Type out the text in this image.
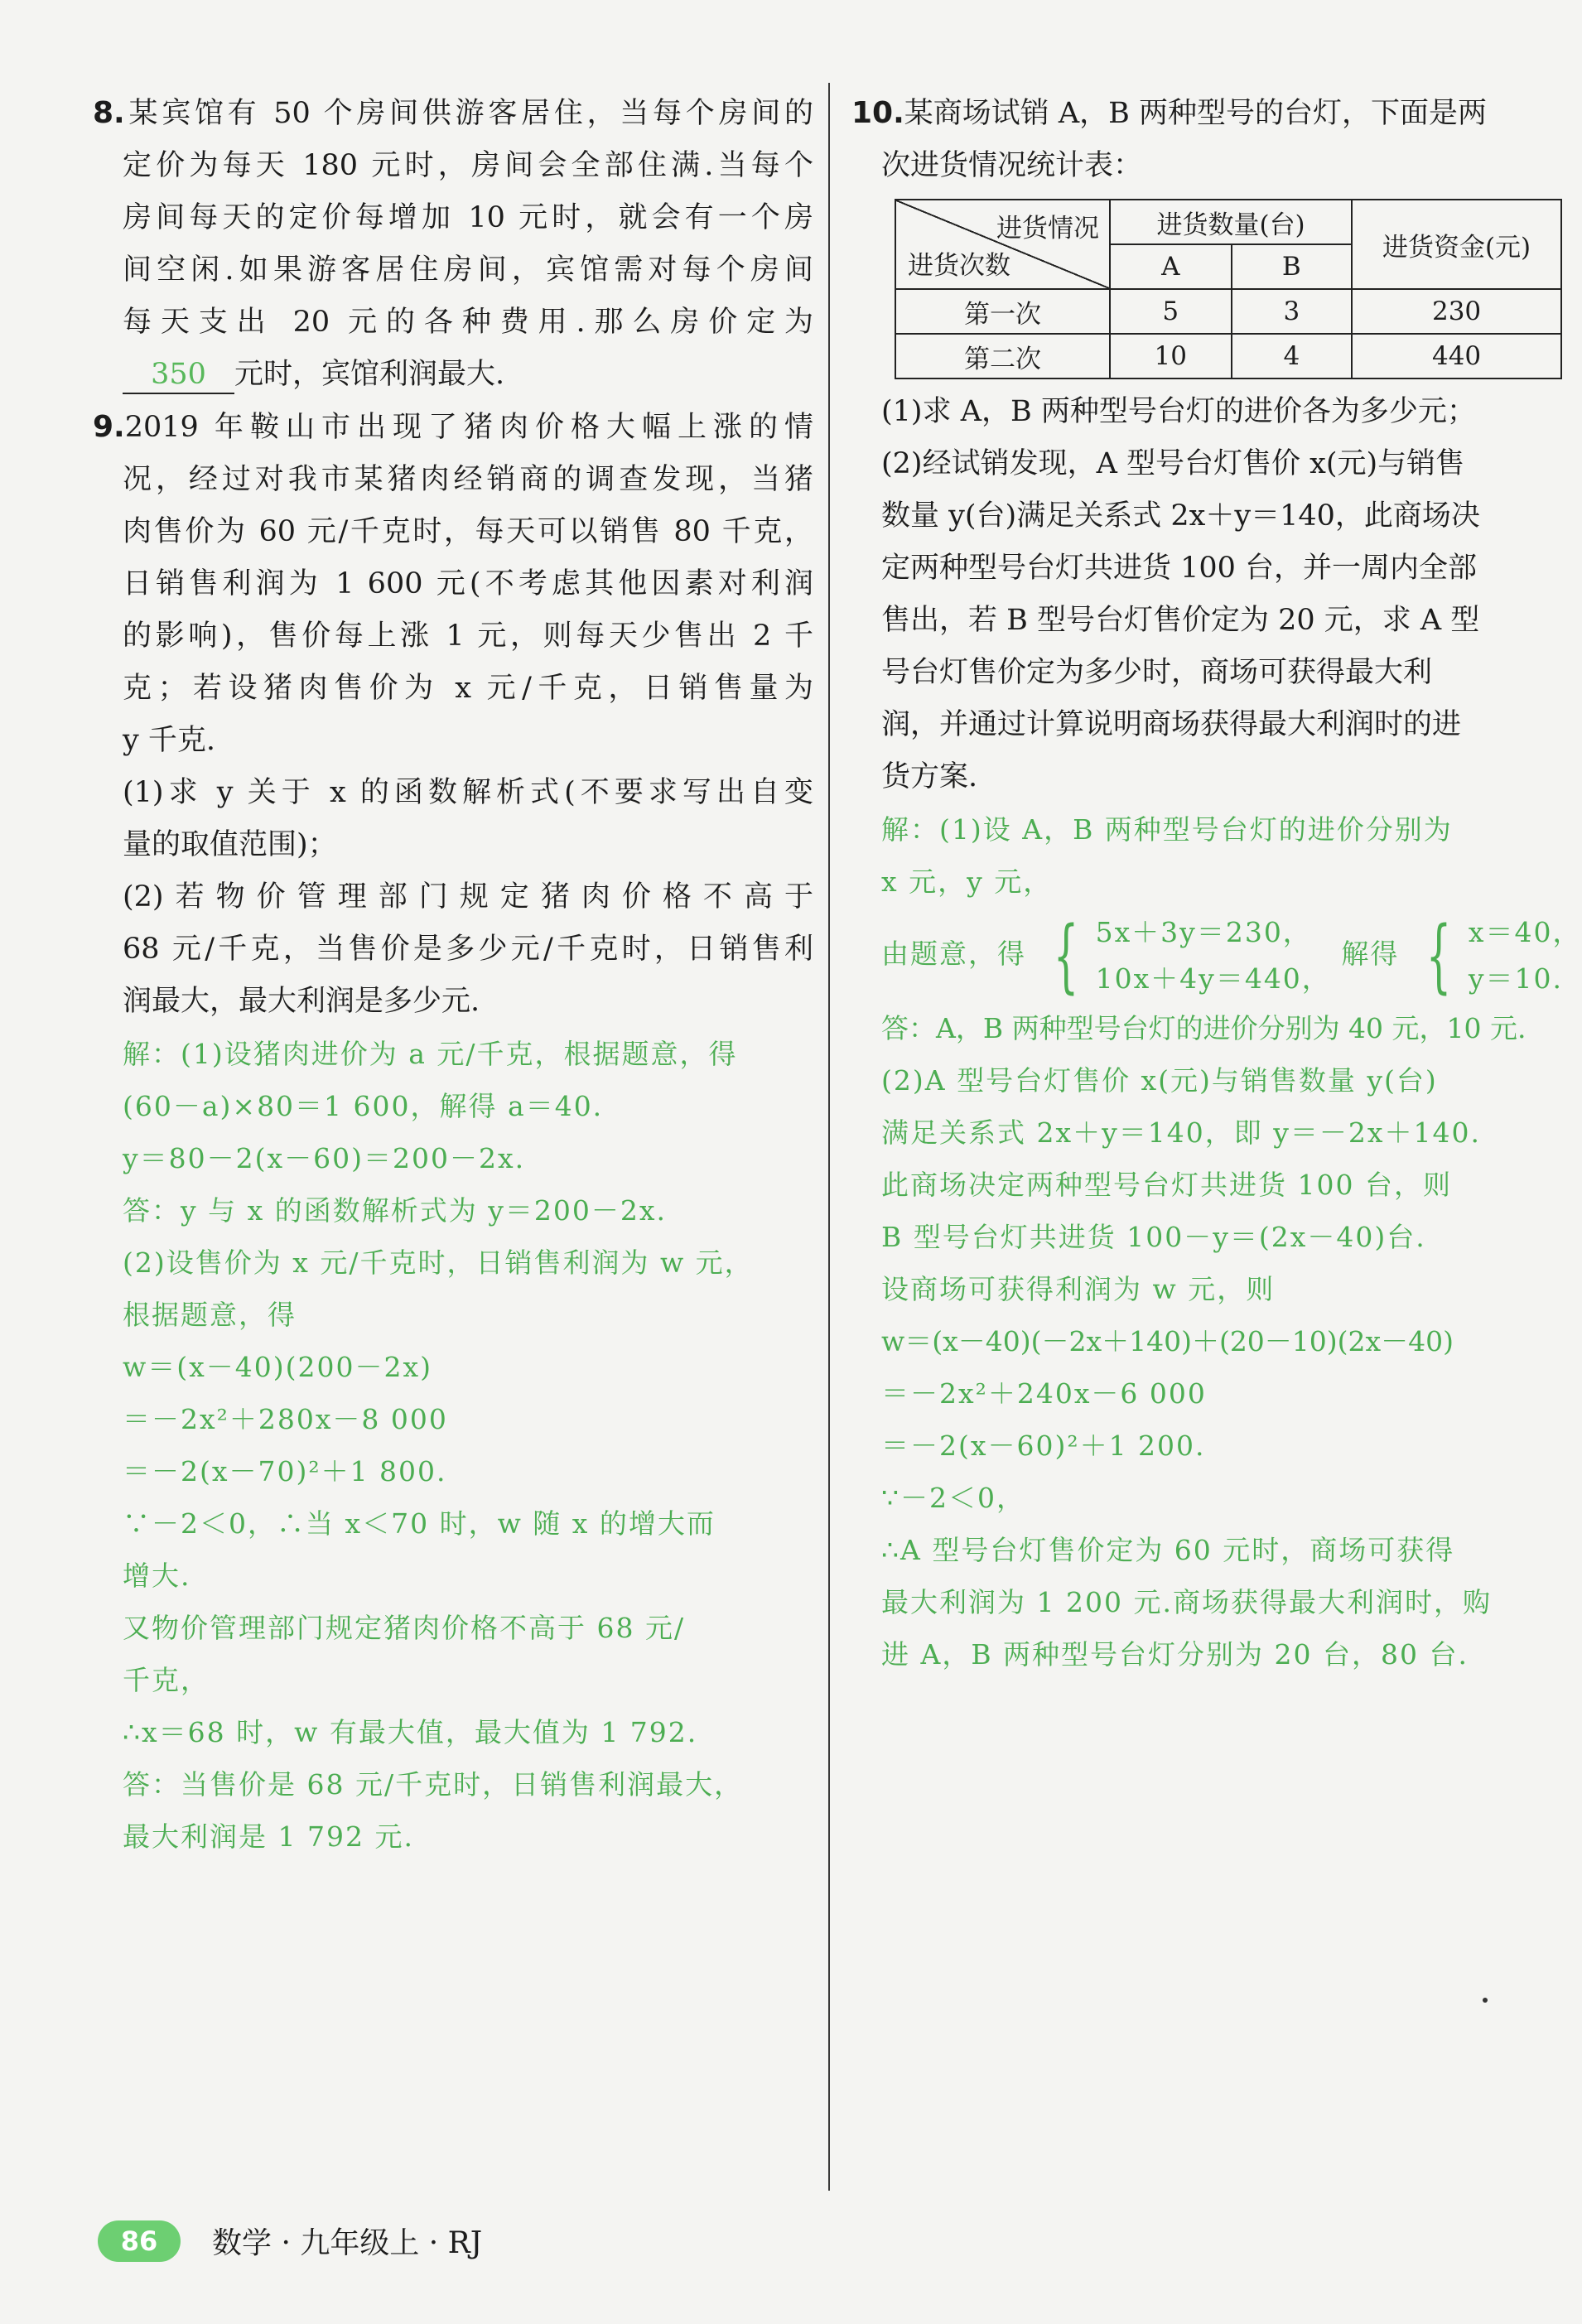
8.某宾馆有 50 个房间供游客居住，当每个房间的
定价为每天 180 元时，房间会全部住满.当每个
房间每天的定价每增加 10 元时，就会有一个房
间空闲.如果游客居住房间，宾馆需对每个房间
每天支出 20 元的各种费用.那么房价定为
350 元时，宾馆利润最大.
9.2019 年鞍山市出现了猪肉价格大幅上涨的情
况，经过对我市某猪肉经销商的调查发现，当猪
肉售价为 60 元/千克时，每天可以销售 80 千克，
日销售利润为 1 600 元(不考虑其他因素对利润
的影响)，售价每上涨 1 元，则每天少售出 2 千
克；若设猪肉售价为 x 元/千克，日销售量为
y 千克.
(1)求 y 关于 x 的函数解析式(不要求写出自变
量的取值范围)；
(2)若物价管理部门规定猪肉价格不高于
68 元/千克，当售价是多少元/千克时，日销售利
润最大，最大利润是多少元.
解：(1)设猪肉进价为 a 元/千克，根据题意，得
(60－a)×80＝1 600，解得 a＝40.
y＝80－2(x－60)＝200－2x.
答：y 与 x 的函数解析式为 y＝200－2x.
(2)设售价为 x 元/千克时，日销售利润为 w 元，
根据题意，得
w＝(x－40)(200－2x)
＝－2x²＋280x－8 000
＝－2(x－70)²＋1 800.
∵－2＜0，∴当 x＜70 时，w 随 x 的增大而
增大.
又物价管理部门规定猪肉价格不高于 68 元/
千克，
∴x＝68 时，w 有最大值，最大值为 1 792.
答：当售价是 68 元/千克时，日销售利润最大，
最大利润是 1 792 元.
10.某商场试销 A，B 两种型号的台灯，下面是两
次进货情况统计表：
进货情况
进货次数	进货数量(台)		进货资金(元)
	A	B	
第一次	5	3	230
第二次	10	4	440
(1)求 A，B 两种型号台灯的进价各为多少元；
(2)经试销发现，A 型号台灯售价 x(元)与销售
数量 y(台)满足关系式 2x＋y＝140，此商场决
定两种型号台灯共进货 100 台，并一周内全部
售出，若 B 型号台灯售价定为 20 元，求 A 型
号台灯售价定为多少时，商场可获得最大利
润，并通过计算说明商场获得最大利润时的进
货方案.
解：(1)设 A，B 两种型号台灯的进价分别为
x 元，y 元，
由题意，得 { 5x＋3y＝230，
10x＋4y＝440，
解得 { x＝40，
y＝10.
答：A，B 两种型号台灯的进价分别为 40 元，10 元.
(2)A 型号台灯售价 x(元)与销售数量 y(台)
满足关系式 2x＋y＝140，即 y＝－2x＋140.
此商场决定两种型号台灯共进货 100 台，则
B 型号台灯共进货 100－y＝(2x－40)台.
设商场可获得利润为 w 元，则
w＝(x－40)(－2x＋140)＋(20－10)(2x－40)
＝－2x²＋240x－6 000
＝－2(x－60)²＋1 200.
∵－2＜0，
∴A 型号台灯售价定为 60 元时，商场可获得
最大利润为 1 200 元.商场获得最大利润时，购
进 A，B 两种型号台灯分别为 20 台，80 台.
86	数学 · 九年级上 · RJ
